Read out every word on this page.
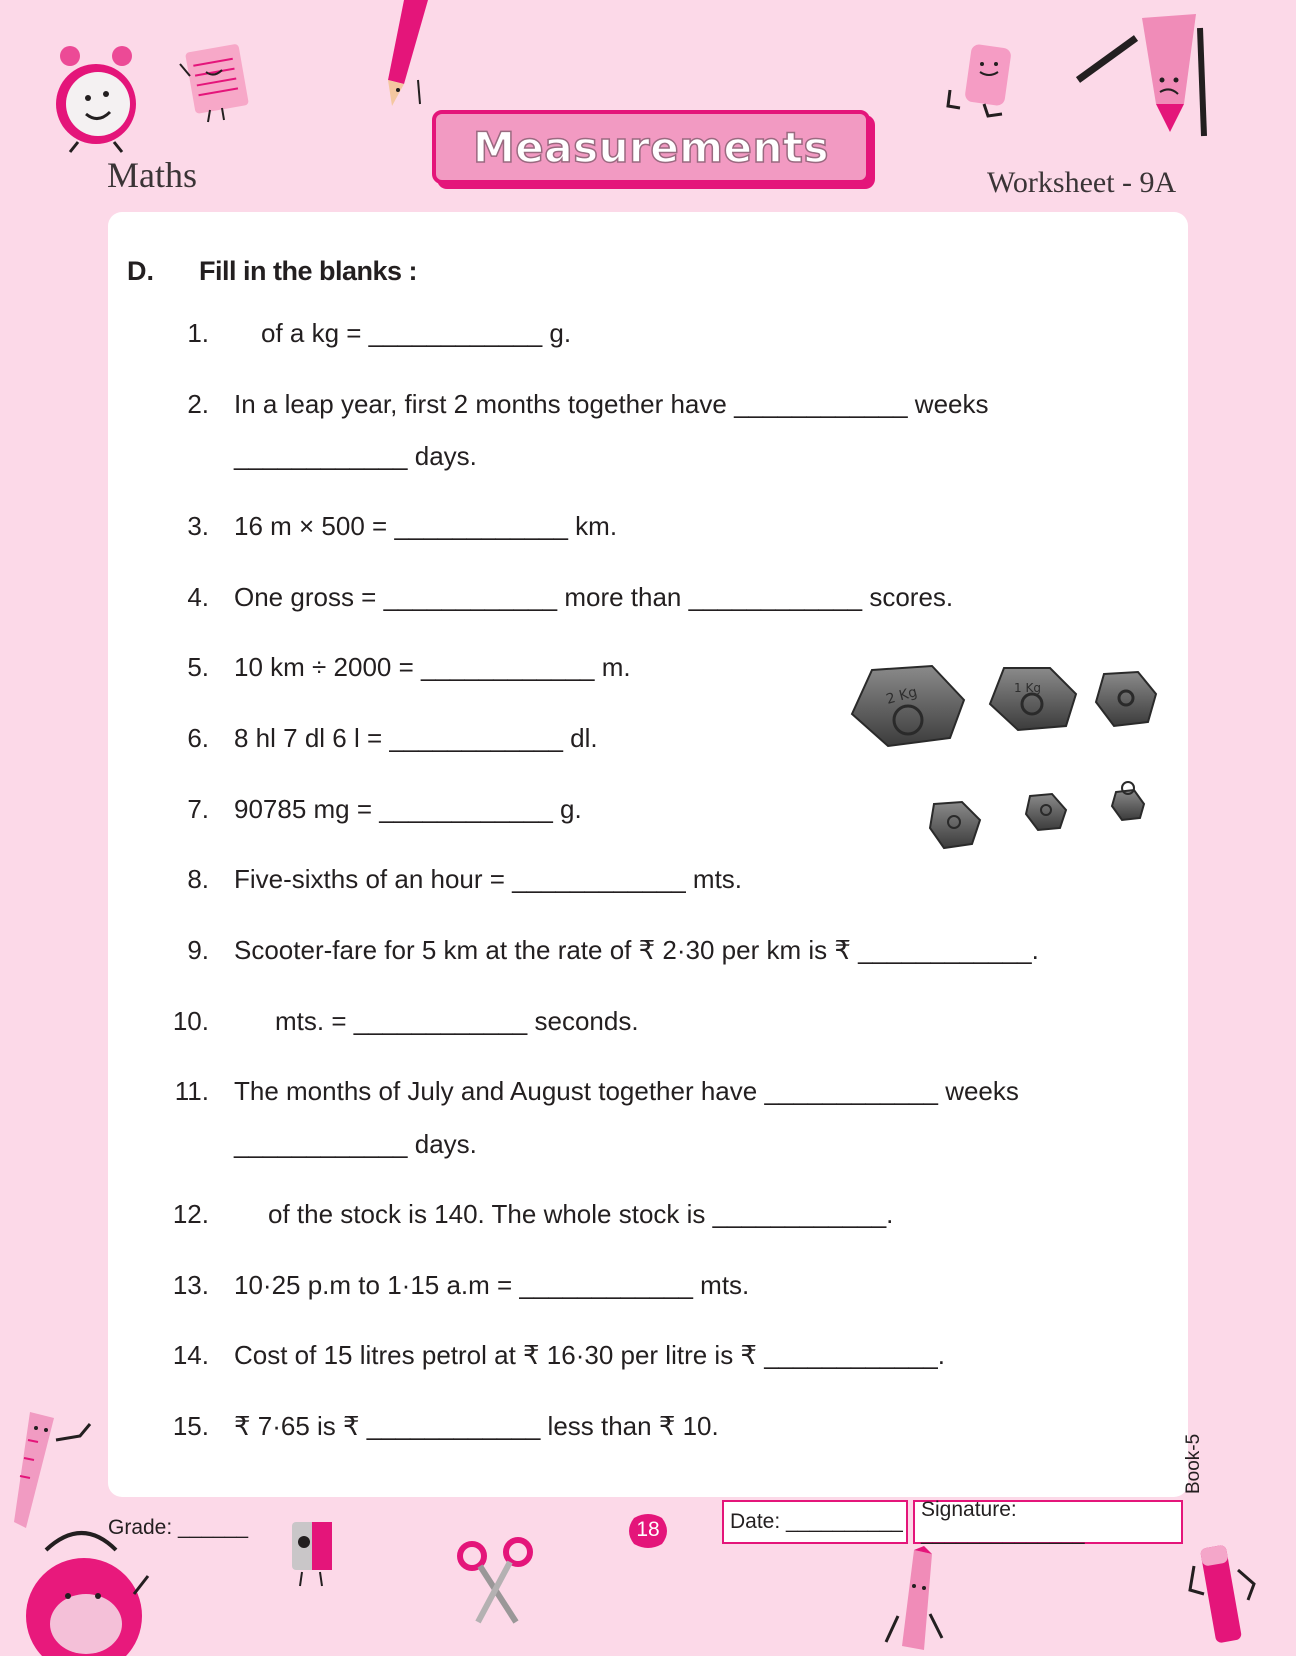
Measurements
Maths	Worksheet - 9A
D. Fill in the blanks :
1. of a kg = ____________ g.
2. In a leap year, first 2 months together have ____________ weeks
____________ days.
3. 16 m × 500 = ____________ km.
4. One gross = ____________ more than ____________ scores.
5. 10 km ÷ 2000 = ____________ m.
6. 8 hl 7 dl 6 l = ____________ dl.
7. 90785 mg = ____________ g.
8. Five-sixths of an hour = ____________ mts.
9. Scooter-fare for 5 km at the rate of ₹ 2·30 per km is ₹ ____________.
10.	mts. = ____________ seconds.
11. The months of July and August together have ____________ weeks
____________ days.
12. of the stock is 140. The whole stock is ____________.
13. 10·25 p.m to 1·15 a.m = ____________ mts.
14. Cost of 15 litres petrol at ₹ 16·30 per litre is ₹ ____________.
15. ₹ 7·65 is ₹ ____________ less than ₹ 10.
2 Kg	1 Kg
Book-5
Grade: ______	18	Date: __________
Signature: ______________
